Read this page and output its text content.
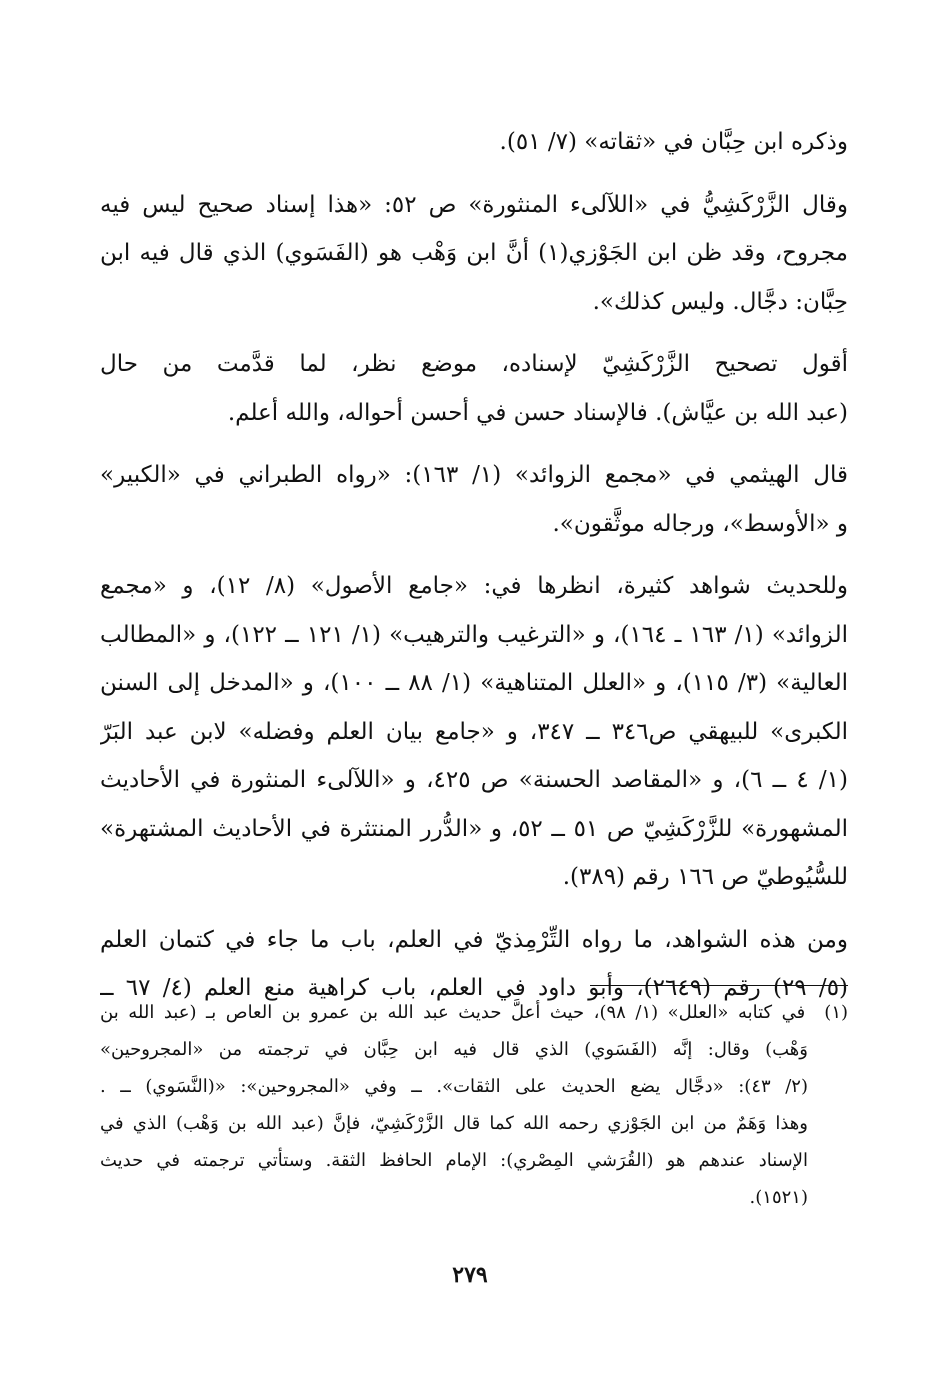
وذكره ابن حِبَّان في «ثقاته» (٧/ ٥١).
وقال الزَّرْكَشِيُّ في «اللآلىء المنثورة» ص ٥٢: «هذا إسناد صحيح ليس فيه
مجروح، وقد ظن ابن الجَوْزي(١) أنَّ ابن وَهْب هو (الفَسَوي) الذي قال فيه ابن
حِبَّان: دجَّال. وليس كذلك».
أقول تصحيح الزَّرْكَشِيّ لإسناده، موضع نظر، لما قدَّمت من حال
(عبد الله بن عيَّاش). فالإسناد حسن في أحسن أحواله، والله أعلم.
قال الهيثمي في «مجمع الزوائد» (١/ ١٦٣): «رواه الطبراني في «الكبير»
و «الأوسط»، ورجاله موثَّقون».
وللحديث شواهد كثيرة، انظرها في: «جامع الأصول» (٨/ ١٢)، و «مجمع
الزوائد» (١/ ١٦٣ ـ ١٦٤)، و «الترغيب والترهيب» (١/ ١٢١ ــ ١٢٢)، و «المطالب
العالية» (٣/ ١١٥)، و «العلل المتناهية» (١/ ٨٨ ــ ١٠٠)، و «المدخل إلى السنن
الكبرى» للبيهقي ص٣٤٦ ــ ٣٤٧، و «جامع بيان العلم وفضله» لابن عبد البَرّ
(١/ ٤ ــ ٦)، و «المقاصد الحسنة» ص ٤٢٥، و «اللآلىء المنثورة في الأحاديث
المشهورة» للزَّرْكَشِيّ ص ٥١ ــ ٥٢، و «الدُّرر المنتثرة في الأحاديث المشتهرة»
للسُّيُوطيّ ص ١٦٦ رقم (٣٨٩).
ومن هذه الشواهد، ما رواه التِّرْمِذيّ في العلم، باب ما جاء في كتمان العلم
(٥/ ٢٩) رقم (٢٦٤٩)، وأبو داود في العلم، باب كراهية منع العلم (٤/ ٦٧ ــ
(١)  في كتابه «العلل» (١/ ٩٨)، حيث أعلَّ حديث عبد الله بن عمرو بن العاص بـ (عبد الله بن
وَهْب) وقال: إنَّه (الفَسَوي) الذي قال فيه ابن حِبَّان في ترجمته من «المجروحين»
(٢/ ٤٣): «دجَّال يضع الحديث على الثقات». ــ وفي «المجروحين»: «(النَّسَوي) ــ .
وهذا وَهَمٌ من ابن الجَوْزي رحمه الله كما قال الزَّرْكَشِيّ، فإنَّ (عبد الله بن وَهْب) الذي في
الإسناد عندهم هو (القُرَشي المِصْري): الإمام الحافظ الثقة. وستأتي ترجمته في حديث
(١٥٢١).
٢٧٩
